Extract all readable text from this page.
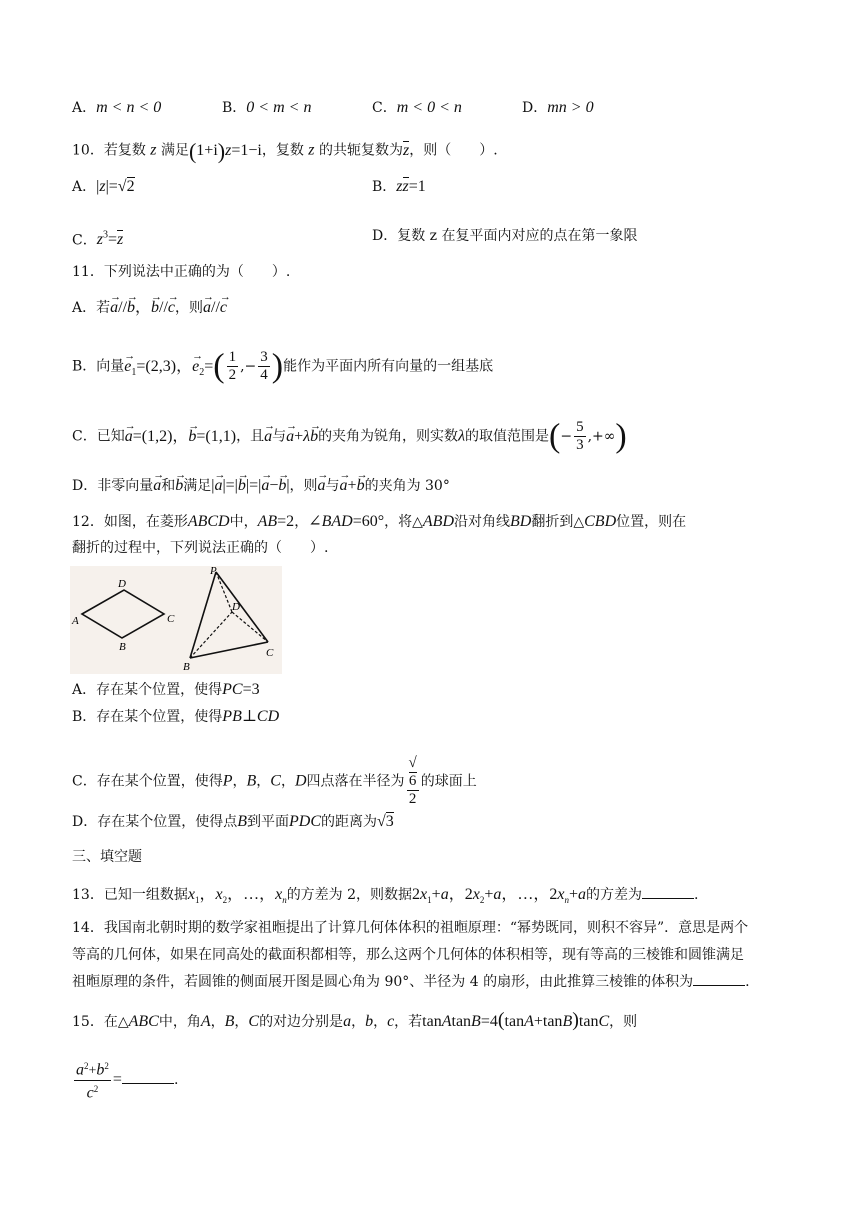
A．m < n < 0	B．0 < m < n	C．m < 0 < n	D．mn > 0
10．若复数 z 满足(1+i)z=1−i，复数 z 的共轭复数为z，则（　　）.
A．|z|=√2	B．zz=1
C．$z^3=z$	D．复数 z 在复平面内对应的点在第一象限
11．下列说法中正确的为（　　）.
A．若→ a//→ b，→ b//→ c，则→ a//→ c
B．向量→ $e_1=(2,3)$，→ $e_2=( \frac{1}{2}$ ,− $\frac{3}{4}$ )能作为平面内所有向量的一组基底
C．已知→ a=(1,2)，→ b=(1,1)，且→ a与→ a+λ→ b的夹角为锐角，则实数λ的取值范围是(− $\frac{5}{3}$ ,+∞)
D．非零向量→ a和→ b满足|→ a|=|→ b|=|→ a−→ b|，则→ a与→ a+→ b的夹角为 30°
12．如图，在菱形ABCD中，AB=2，∠BAD=60°，将△ABD沿对角线BD翻折到△CBD位置，则在
翻折的过程中，下列说法正确的（　　）.
D
A	C
B
P
D
C
B
A．存在某个位置，使得PC=3
B．存在某个位置，使得PB⊥CD
C．存在某个位置，使得P，B，C，D四点落在半径为 √
6
2 的球面上
D．存在某个位置，使得点B到平面PDC的距离为√3
三、填空题
13．已知一组数据$x_1$，$x_2$，…，$x_n$的方差为 2，则数据$2x_1+a$，$2x_2+a$，…，$2x_n+a$的方差为	.
14．我国南北朝时期的数学家祖暅提出了计算几何体体积的祖暅原理：“幂势既同，则积不容异”．意思是两个
等高的几何体，如果在同高处的截面积都相等，那么这两个几何体的体积相等，现有等高的三棱锥和圆锥满足
祖暅原理的条件，若圆锥的侧面展开图是圆心角为 90°、半径为 4 的扇形，由此推算三棱锥的体积为	.
15．在△ABC中，角A，B，C的对边分别是a，b，c，若tanAtanB=4(tanA+tanB)tanC，则
$\frac{a^2+b^2}{c^2}$ =	.
